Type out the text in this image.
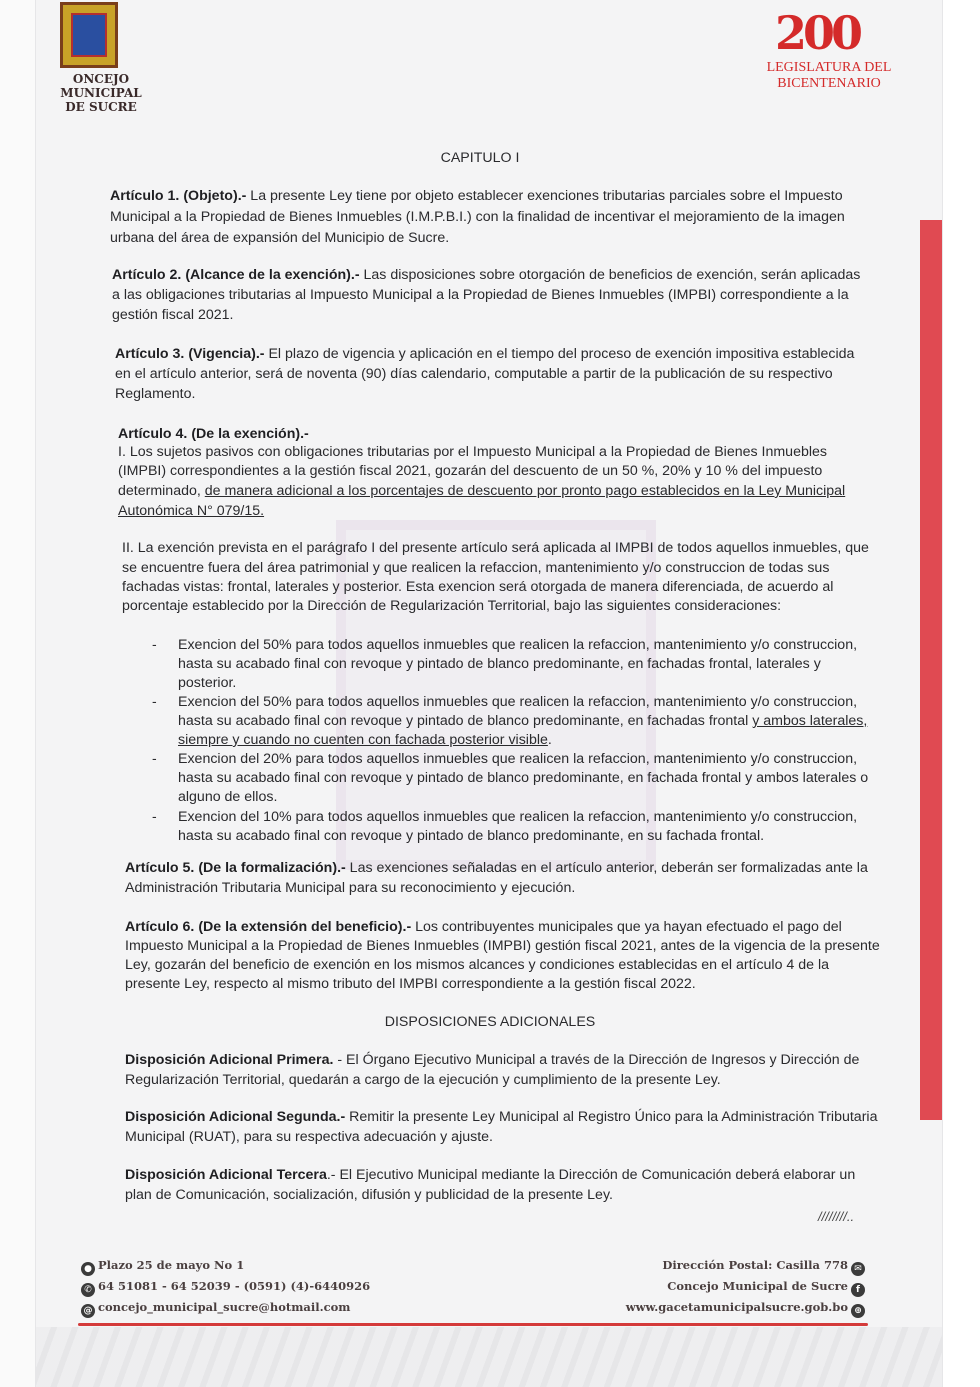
ONCEJO MUNICIPAL
DE SUCRE
200
LEGISLATURA DEL
BICENTENARIO
CAPITULO I
Artículo 1. (Objeto).- La presente Ley tiene por objeto establecer exenciones tributarias parciales sobre el Impuesto
Municipal a la Propiedad de Bienes Inmuebles (I.M.P.B.I.) con la finalidad de incentivar el mejoramiento de la imagen
urbana del área de expansión del Municipio de Sucre.
Artículo 2. (Alcance de la exención).- Las disposiciones sobre otorgación de beneficios de exención, serán aplicadas
a las obligaciones tributarias al Impuesto Municipal a la Propiedad de Bienes Inmuebles (IMPBI) correspondiente a la
gestión fiscal 2021.
Artículo 3. (Vigencia).- El plazo de vigencia y aplicación en el tiempo del proceso de exención impositiva establecida
en el artículo anterior, será de noventa (90) días calendario, computable a partir de la publicación de su respectivo
Reglamento.
Artículo 4. (De la exención).-
I. Los sujetos pasivos con obligaciones tributarias por el Impuesto Municipal a la Propiedad de Bienes Inmuebles
(IMPBI) correspondientes a la gestión fiscal 2021, gozarán del descuento de un 50 %, 20% y 10 % del impuesto
determinado, de manera adicional a los porcentajes de descuento por pronto pago establecidos en la Ley Municipal
Autonómica N° 079/15.
II. La exención prevista en el parágrafo I del presente artículo será aplicada al IMPBI de todos aquellos inmuebles, que
se encuentre fuera del área patrimonial y que realicen la refaccion, mantenimiento y/o construccion de todas sus
fachadas vistas: frontal, laterales y posterior. Esta exencion será otorgada de manera diferenciada, de acuerdo al
porcentaje establecido por la Dirección de Regularización Territorial, bajo las siguientes consideraciones:
- Exencion del 50% para todos aquellos inmuebles que realicen la refaccion, mantenimiento y/o construccion,
hasta su acabado final con revoque y pintado de blanco predominante, en fachadas frontal, laterales y
posterior.
- Exencion del 50% para todos aquellos inmuebles que realicen la refaccion, mantenimiento y/o construccion,
hasta su acabado final con revoque y pintado de blanco predominante, en fachadas frontal y ambos laterales,
siempre y cuando no cuenten con fachada posterior visible.
- Exencion del 20% para todos aquellos inmuebles que realicen la refaccion, mantenimiento y/o construccion,
hasta su acabado final con revoque y pintado de blanco predominante, en fachada frontal y ambos laterales o
alguno de ellos.
- Exencion del 10% para todos aquellos inmuebles que realicen la refaccion, mantenimiento y/o construccion,
hasta su acabado final con revoque y pintado de blanco predominante, en su fachada frontal.
Artículo 5. (De la formalización).- Las exenciones señaladas en el artículo anterior, deberán ser formalizadas ante la
Administración Tributaria Municipal para su reconocimiento y ejecución.
Artículo 6. (De la extensión del beneficio).- Los contribuyentes municipales que ya hayan efectuado el pago del
Impuesto Municipal a la Propiedad de Bienes Inmuebles (IMPBI) gestión fiscal 2021, antes de la vigencia de la presente
Ley, gozarán del beneficio de exención en los mismos alcances y condiciones establecidas en el artículo 4 de la
presente Ley, respecto al mismo tributo del IMPBI correspondiente a la gestión fiscal 2022.
DISPOSICIONES ADICIONALES
Disposición Adicional Primera. - El Órgano Ejecutivo Municipal a través de la Dirección de Ingresos y Dirección de
Regularización Territorial, quedarán a cargo de la ejecución y cumplimiento de la presente Ley.
Disposición Adicional Segunda.- Remitir la presente Ley Municipal al Registro Único para la Administración Tributaria
Municipal (RUAT), para su respectiva adecuación y ajuste.
Disposición Adicional Tercera.- El Ejecutivo Municipal mediante la Dirección de Comunicación deberá elaborar un
plan de Comunicación, socialización, difusión y publicidad de la presente Ley.
////////..
● Plazo 25 de mayo No 1
✆ 64 51081 - 64 52039 - (0591) (4)-6440926
@ concejo_municipal_sucre@hotmail.com
Dirección Postal: Casilla 778 ✉
Concejo Municipal de Sucre f
www.gacetamunicipalsucre.gob.bo ⊕
